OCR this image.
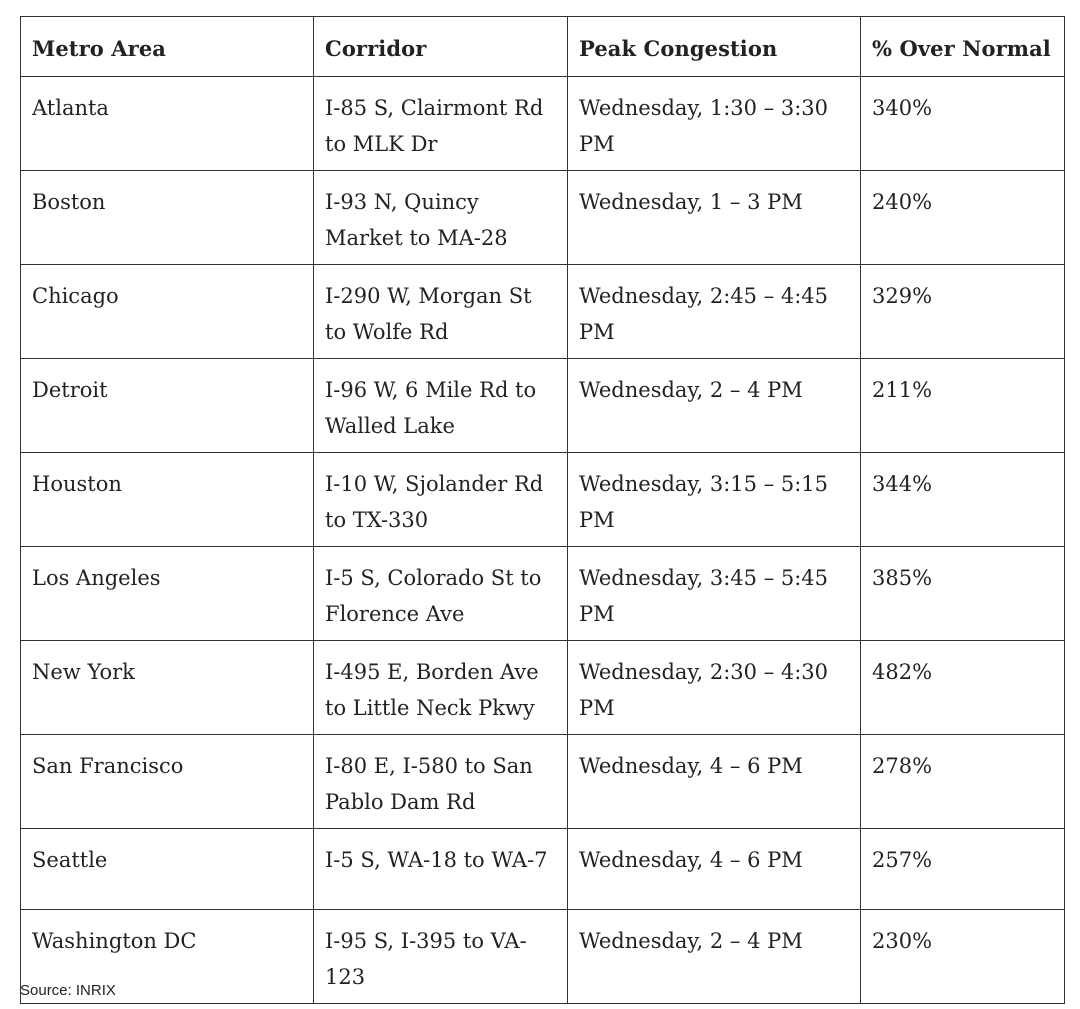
Metro Area	Corridor	Peak Congestion	% Over Normal
Atlanta	I-85 S, Clairmont Rd to MLK Dr	Wednesday, 1:30 – 3:30 PM	340%
Boston	I-93 N, Quincy Market to MA-28	Wednesday, 1 – 3 PM	240%
Chicago	I-290 W, Morgan St to Wolfe Rd	Wednesday, 2:45 – 4:45 PM	329%
Detroit	I-96 W, 6 Mile Rd to Walled Lake	Wednesday, 2 – 4 PM	211%
Houston	I-10 W, Sjolander Rd to TX-330	Wednesday, 3:15 – 5:15 PM	344%
Los Angeles	I-5 S, Colorado St to Florence Ave	Wednesday, 3:45 – 5:45 PM	385%
New York	I-495 E, Borden Ave to Little Neck Pkwy	Wednesday, 2:30 – 4:30 PM	482%
San Francisco	I-80 E, I-580 to San Pablo Dam Rd	Wednesday, 4 – 6 PM	278%
Seattle	I-5 S, WA-18 to WA-7	Wednesday, 4 – 6 PM	257%
Washington DC	I-95 S, I-395 to VA-123	Wednesday, 2 – 4 PM	230%
Source: INRIX
